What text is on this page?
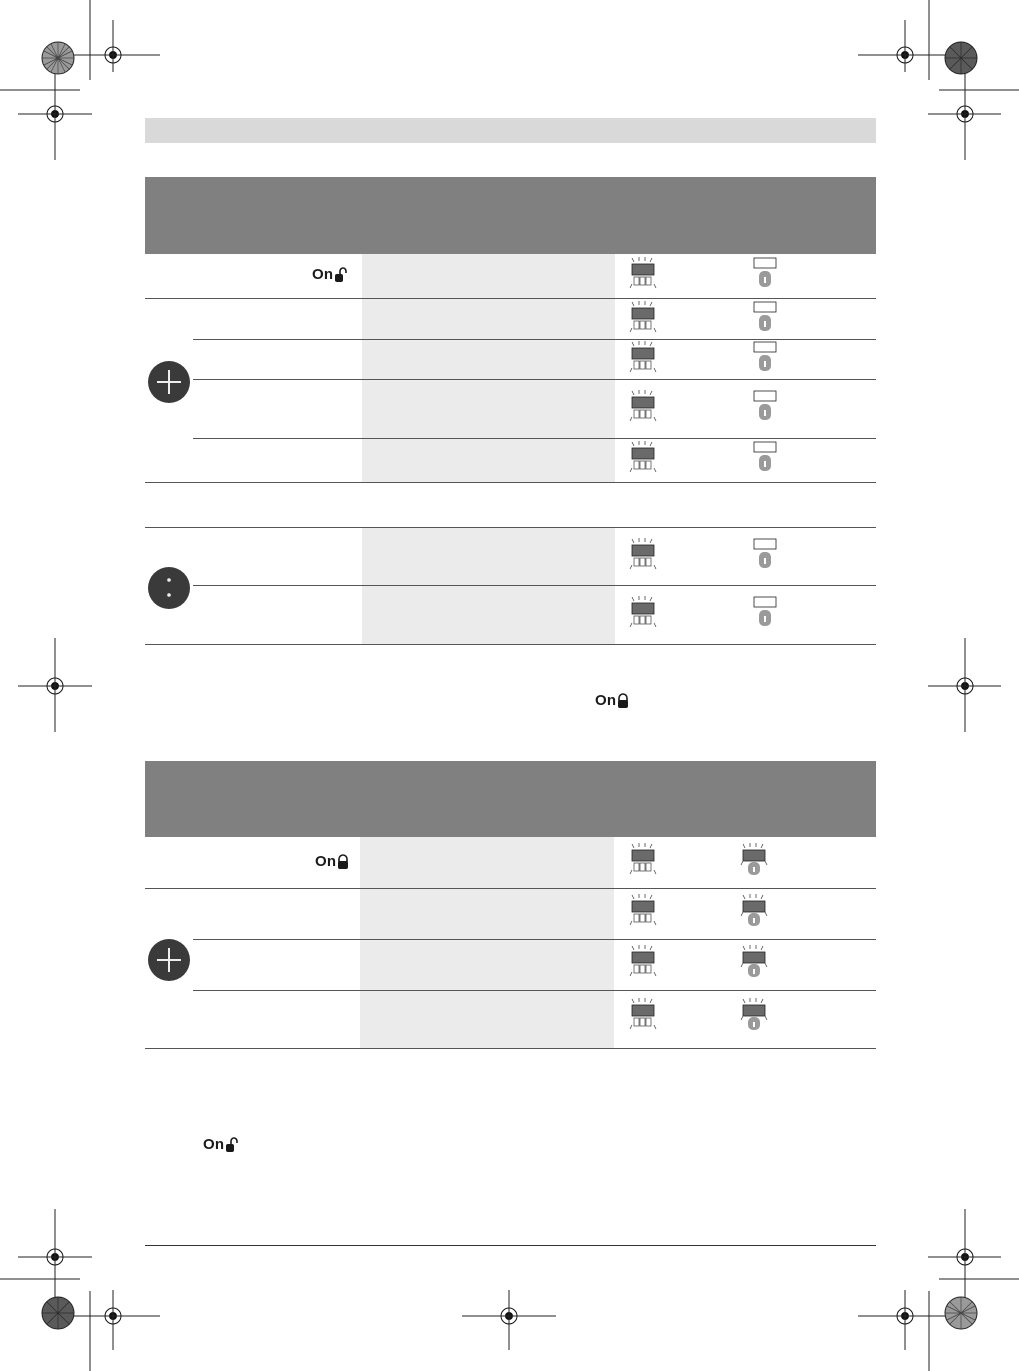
On
On
On
On
